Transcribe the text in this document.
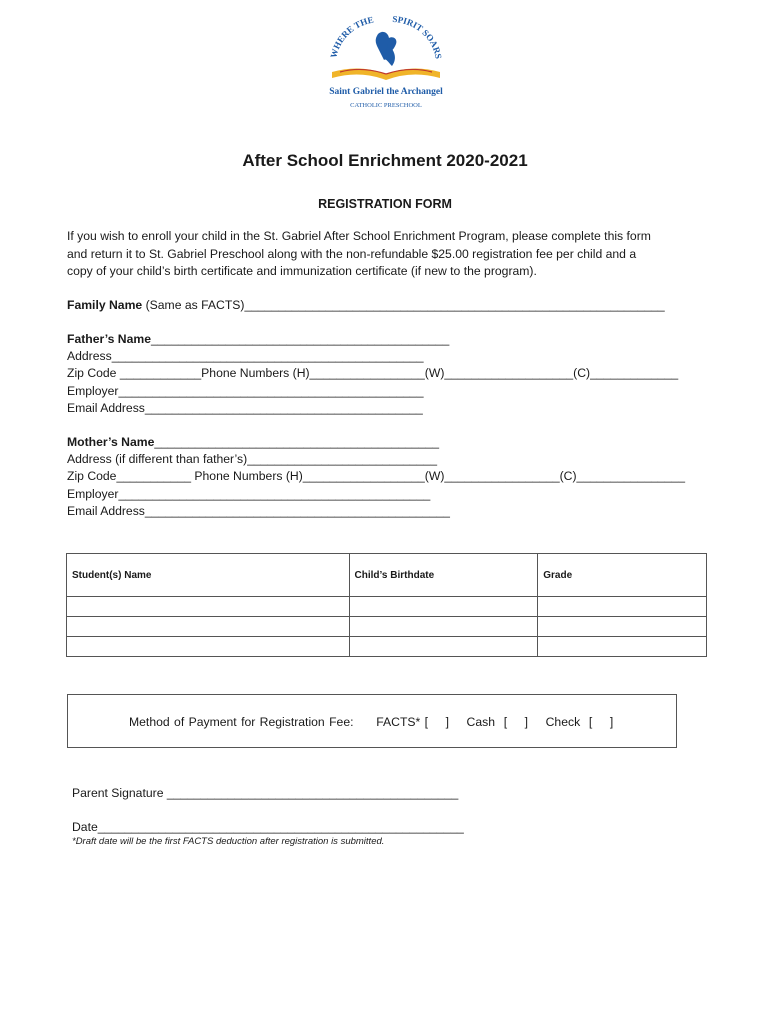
WHERE THE SPIRIT SOARS
Saint Gabriel the Archangel
CATHOLIC PRESCHOOL
After School Enrichment 2020-2021
REGISTRATION FORM
If you wish to enroll your child in the St. Gabriel After School Enrichment Program, please complete this form
and return it to St. Gabriel Preschool along with the non-refundable $25.00 registration fee per child and a
copy of your child’s birth certificate and immunization certificate (if new to the program).
Family Name (Same as FACTS)______________________________________________________________
Father’s Name____________________________________________
Address______________________________________________
Zip Code ____________Phone Numbers (H)_________________(W)___________________(C)_____________
Employer_____________________________________________
Email Address_________________________________________
Mother’s Name__________________________________________
Address (if different than father’s)____________________________
Zip Code___________ Phone Numbers (H)__________________(W)_________________(C)________________
Employer______________________________________________
Email Address_____________________________________________
Student(s) Name	Child’s Birthdate	Grade

Method of Payment for Registration Fee: FACTS* [    ]    Cash  [    ]    Check  [    ]
Parent Signature ___________________________________________
Date______________________________________________________
*Draft date will be the first FACTS deduction after registration is submitted.
